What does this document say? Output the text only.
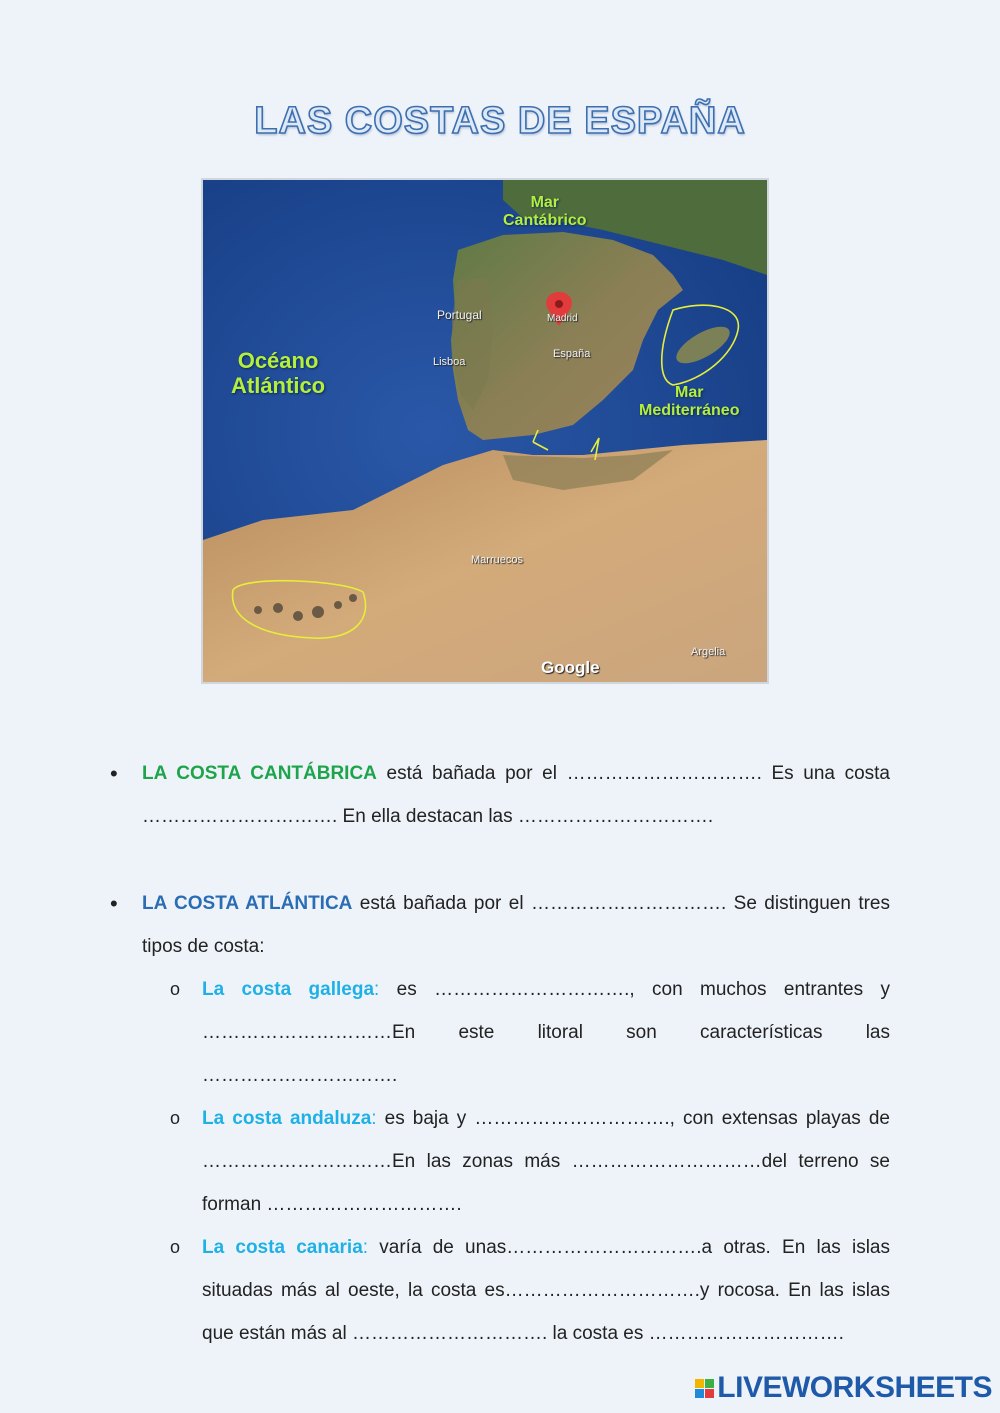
LAS COSTAS DE ESPAÑA
Mar
Cantábrico
Océano
Atlántico	Mar
Mediterráneo
Portugal
Lisboa
Madrid
España
Marruecos
Argelia
Google
• LA COSTA CANTÁBRICA está bañada por el …………………………. Es una costa …………………………. En ella destacan las ………………………….
• LA COSTA ATLÁNTICA está bañada por el …………………………. Se distinguen tres tipos de costa:
o La costa gallega: es …………………………., con muchos entrantes y …………………………En este litoral son características las ………………………….
o La costa andaluza: es baja y …………………………., con extensas playas de …………………………En las zonas más …………………………del terreno se forman ………………………….
o La costa canaria: varía de unas………………………….a otras. En las islas situadas más al oeste, la costa es………………………….y rocosa. En las islas que están más al …………………………. la costa es ………………………….
LIVEWORKSHEETS
